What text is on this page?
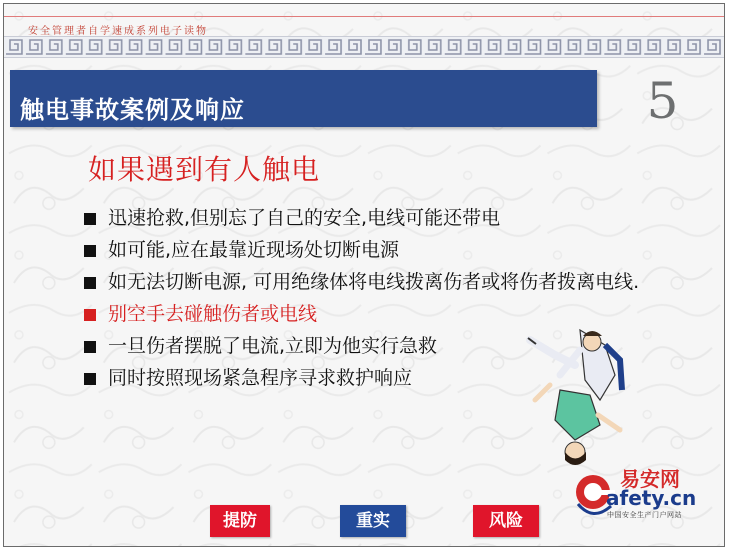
安全管理者自学速成系列电子读物
触电事故案例及响应	5
如果遇到有人触电
迅速抢救,但别忘了自己的安全,电线可能还带电
如可能,应在最靠近现场处切断电源
如无法切断电源, 可用绝缘体将电线拨离伤者或将伤者拨离电线.
别空手去碰触伤者或电线
一旦伤者摆脱了电流,立即为他实行急救
同时按照现场紧急程序寻求救护响应
易安网
afety.cn
中国安全生产门户网站
提防	重实	风险
